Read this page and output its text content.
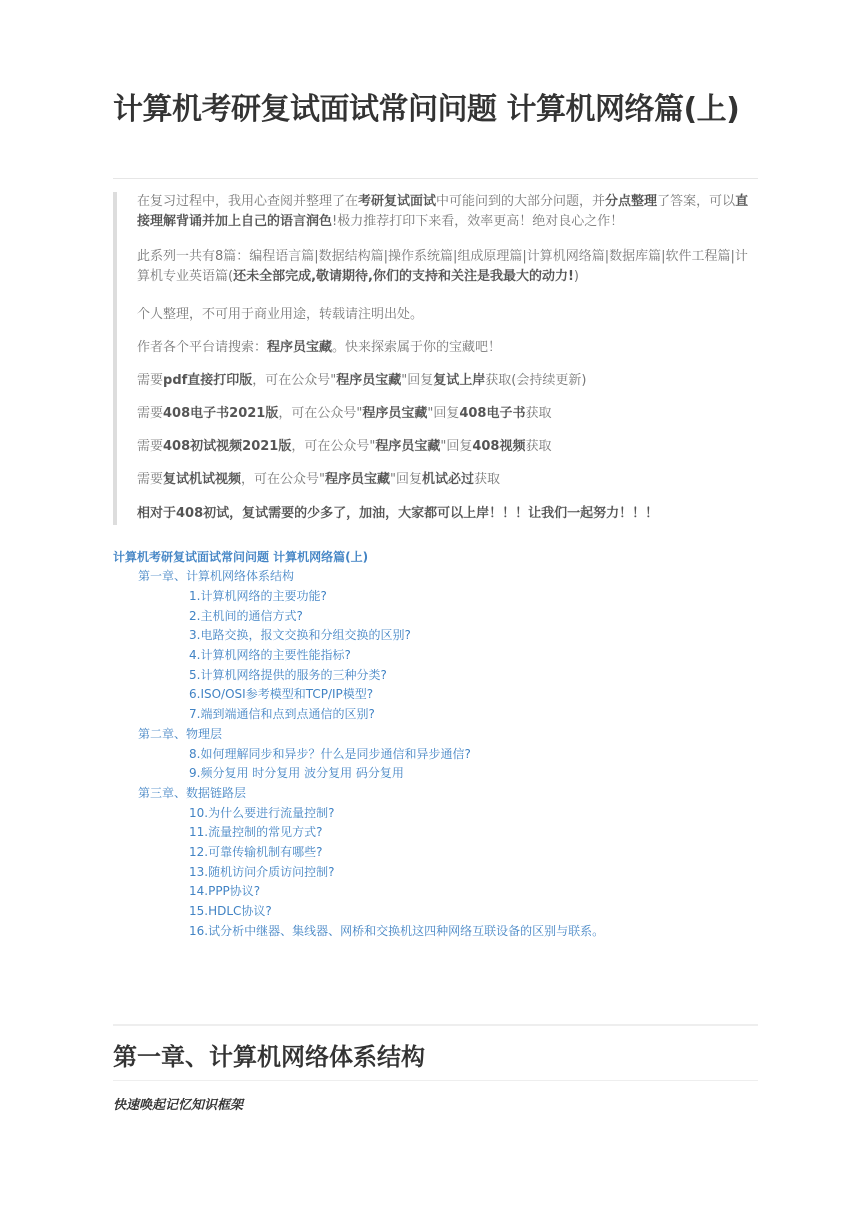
计算机考研复试面试常问问题 计算机网络篇(上)

在复习过程中，我用心查阅并整理了在考研复试面试中可能问到的大部分问题，并分点整理了答案，可以直接理解背诵并加上自己的语言润色!极力推荐打印下来看，效率更高！绝对良心之作！

此系列一共有8篇：编程语言篇|数据结构篇|操作系统篇|组成原理篇|计算机网络篇|数据库篇|软件工程篇|计算机专业英语篇(还未全部完成,敬请期待,你们的支持和关注是我最大的动力!)

个人整理，不可用于商业用途，转载请注明出处。

作者各个平台请搜索：程序员宝藏。快来探索属于你的宝藏吧！

需要pdf直接打印版，可在公众号"程序员宝藏"回复复试上岸获取(会持续更新)

需要408电子书2021版，可在公众号"程序员宝藏"回复408电子书获取

需要408初试视频2021版，可在公众号"程序员宝藏"回复408视频获取

需要复试机试视频，可在公众号"程序员宝藏"回复机试必过获取

相对于408初试，复试需要的少多了，加油，大家都可以上岸！！！让我们一起努力！！！

计算机考研复试面试常问问题 计算机网络篇(上)
第一章、计算机网络体系结构
1.计算机网络的主要功能?
2.主机间的通信方式?
3.电路交换，报文交换和分组交换的区别?
4.计算机网络的主要性能指标?
5.计算机网络提供的服务的三种分类?
6.ISO/OSI参考模型和TCP/IP模型?
7.端到端通信和点到点通信的区别?
第二章、物理层
8.如何理解同步和异步？什么是同步通信和异步通信?
9.频分复用 时分复用 波分复用 码分复用
第三章、数据链路层
10.为什么要进行流量控制?
11.流量控制的常见方式?
12.可靠传输机制有哪些?
13.随机访问介质访问控制?
14.PPP协议?
15.HDLC协议?
16.试分析中继器、集线器、网桥和交换机这四种网络互联设备的区别与联系。
第一章、计算机网络体系结构
快速唤起记忆知识框架
